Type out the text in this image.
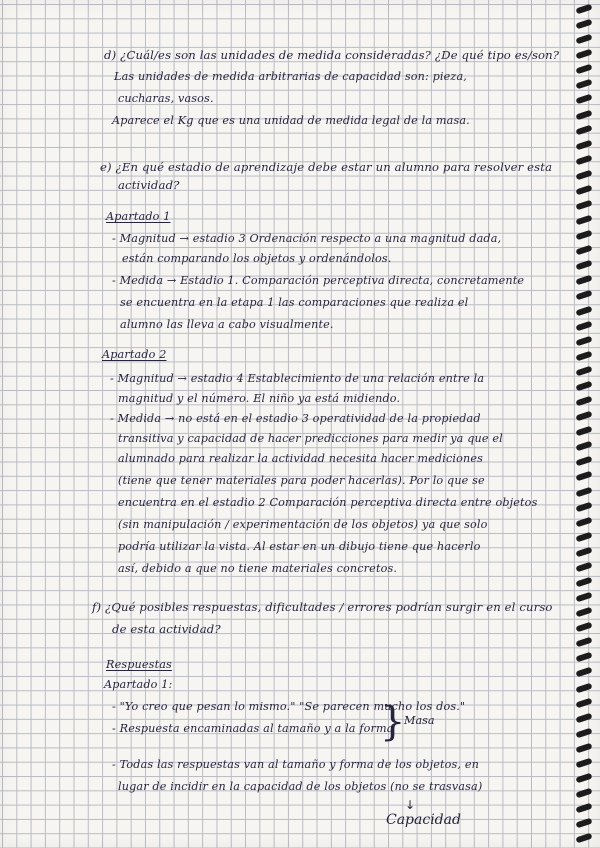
d) ¿Cuál/es son las unidades de medida consideradas? ¿De qué tipo es/son?
Las unidades de medida arbitrarias de capacidad son: pieza,
cucharas, vasos.
Aparece el Kg que es una unidad de medida legal de la masa.
e) ¿En qué estadio de aprendizaje debe estar un alumno para resolver esta
actividad?
Apartado 1
- Magnitud → estadio 3 Ordenación respecto a una magnitud dada,
están comparando los objetos y ordenándolos.
- Medida → Estadio 1. Comparación perceptiva directa, concretamente
se encuentra en la etapa 1 las comparaciones que realiza el
alumno las lleva a cabo visualmente.
Apartado 2
- Magnitud → estadio 4 Establecimiento de una relación entre la
magnitud y el número. El niño ya está midiendo.
- Medida → no está en el estadio 3 operatividad de la propiedad
transitiva y capacidad de hacer predicciones para medir ya que el
alumnado para realizar la actividad necesita hacer mediciones
(tiene que tener materiales para poder hacerlas). Por lo que se
encuentra en el estadio 2 Comparación perceptiva directa entre objetos
(sin manipulación / experimentación de los objetos) ya que solo
podría utilizar la vista. Al estar en un dibujo tiene que hacerlo
así, debido a que no tiene materiales concretos.
f) ¿Qué posibles respuestas, dificultades / errores podrían surgir en el curso
de esta actividad?
Respuestas
Apartado 1:
- "Yo creo que pesan lo mismo." "Se parecen mucho los dos."
- Respuesta encaminadas al tamaño y a la forma
- Todas las respuestas van al tamaño y forma de los objetos, en
lugar de incidir en la capacidad de los objetos (no se trasvasa)
}
Masa
↓
Capacidad
